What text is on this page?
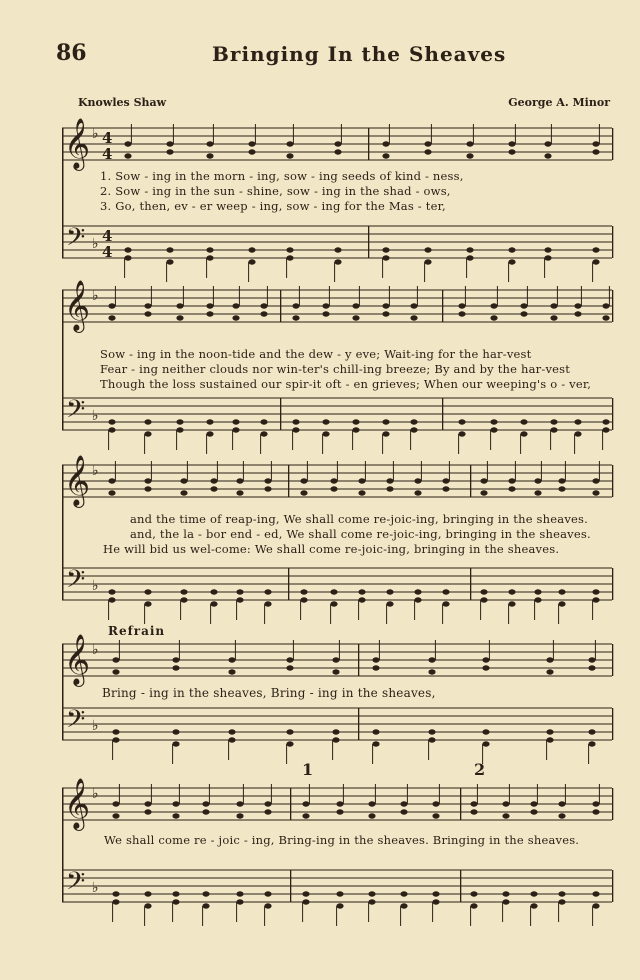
86	Bringing In the Sheaves
Knowles Shaw	George A. Minor
𝄞
𝄢
♭
♭
4
4
4
4
𝄞
𝄢
♭
♭
𝄞
𝄢
♭
♭
𝄞
𝄢
♭
♭
𝄞
𝄢
♭
♭
1. Sow - ing in the morn - ing, sow - ing seeds of kind - ness,
2. Sow - ing in the sun - shine, sow - ing in the shad - ows,
3. Go, then, ev - er weep - ing, sow - ing for the Mas - ter,
Sow - ing in the noon-tide and the dew - y eve; Wait-ing for the har-vest
Fear - ing neither clouds nor win-ter's chill-ing breeze; By and by the har-vest
Though the loss sustained our spir-it oft - en grieves; When our weeping's o - ver,
and the time of reap-ing, We shall come re-joic-ing, bringing in the sheaves.
and, the la - bor end - ed, We shall come re-joic-ing, bringing in the sheaves.
He will bid us wel-come: We shall come re-joic-ing, bringing in the sheaves.
Refrain
Bring - ing in the sheaves, Bring - ing in the sheaves,
We shall come re - joic - ing, Bring-ing in the sheaves. Bringing in the sheaves.
1	2
